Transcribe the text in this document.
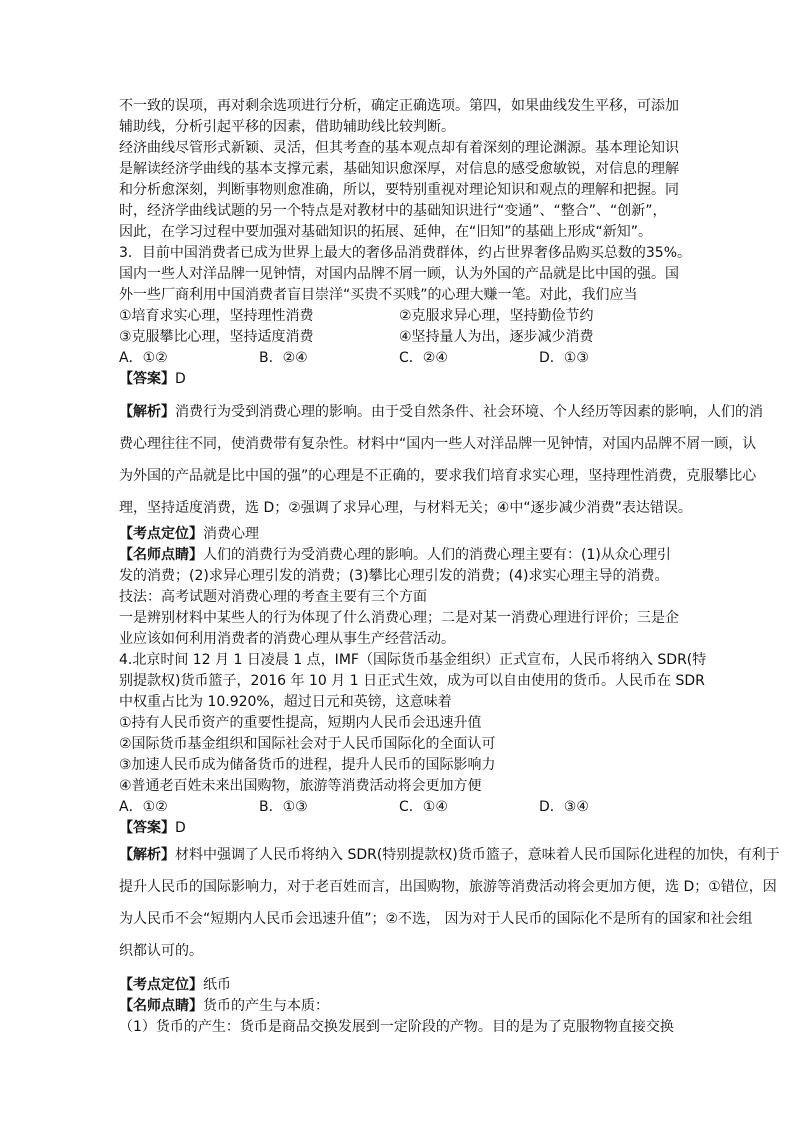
不一致的误项，再对剩余选项进行分析，确定正确选项。第四，如果曲线发生平移，可添加
辅助线，分析引起平移的因素，借助辅助线比较判断。
经济曲线尽管形式新颖、灵活，但其考查的基本观点却有着深刻的理论渊源。基本理论知识
是解读经济学曲线的基本支撑元素，基础知识愈深厚，对信息的感受愈敏锐，对信息的理解
和分析愈深刻，判断事物则愈准确，所以，要特别重视对理论知识和观点的理解和把握。同
时，经济学曲线试题的另一个特点是对教材中的基础知识进行“变通”、“整合”、“创新”，
因此，在学习过程中要加强对基础知识的拓展、延伸，在“旧知”的基础上形成“新知”。
3．目前中国消费者已成为世界上最大的奢侈品消费群体，约占世界奢侈品购买总数的35%。
国内一些人对洋品牌一见钟情，对国内品牌不屑一顾，认为外国的产品就是比中国的强。国
外一些厂商利用中国消费者盲目崇洋“买贵不买贱”的心理大赚一笔。对此，我们应当
①培育求实心理，坚持理性消费	②克服求异心理，坚持勤俭节约
③克服攀比心理，坚持适度消费	④坚持量人为出，逐步减少消费
A．①②	B．②④	C．②④	D．①③
【答案】D
【解析】消费行为受到消费心理的影响。由于受自然条件、社会环境、个人经历等因素的影响，人们的消
费心理往往不同，使消费带有复杂性。材料中“国内一些人对洋品牌一见钟情，对国内品牌不屑一顾，认
为外国的产品就是比中国的强”的心理是不正确的，要求我们培育求实心理，坚持理性消费，克服攀比心
理，坚持适度消费，选 D；②强调了求异心理，与材料无关；④中“逐步减少消费”表达错误。
【考点定位】消费心理
【名师点睛】人们的消费行为受消费心理的影响。人们的消费心理主要有：(1)从众心理引
发的消费；(2)求异心理引发的消费；(3)攀比心理引发的消费；(4)求实心理主导的消费。
技法：高考试题对消费心理的考查主要有三个方面
一是辨别材料中某些人的行为体现了什么消费心理；二是对某一消费心理进行评价；三是企
业应该如何利用消费者的消费心理从事生产经营活动。
4.北京时间 12 月 1 日凌晨 1 点，IMF（国际货币基金组织）正式宣布，人民币将纳入 SDR(特
别提款权)货币篮子，2016 年 10 月 1 日正式生效，成为可以自由使用的货币。人民币在 SDR
中权重占比为 10.920%，超过日元和英镑，这意味着
①持有人民币资产的重要性提高，短期内人民币会迅速升值
②国际货币基金组织和国际社会对于人民币国际化的全面认可
③加速人民币成为储备货币的进程，提升人民币的国际影响力
④普通老百姓未来出国购物，旅游等消费活动将会更加方便
A．①②	B．①③	C．①④	D．③④
【答案】D
【解析】材料中强调了人民币将纳入 SDR(特别提款权)货币篮子，意味着人民币国际化进程的加快，有利于
提升人民币的国际影响力，对于老百姓而言，出国购物，旅游等消费活动将会更加方便，选 D；①错位，因
为人民币不会“短期内人民币会迅速升值”；②不选， 因为对于人民币的国际化不是所有的国家和社会组
织都认可的。
【考点定位】纸币
【名师点睛】货币的产生与本质：
（1）货币的产生：货币是商品交换发展到一定阶段的产物。目的是为了克服物物直接交换
